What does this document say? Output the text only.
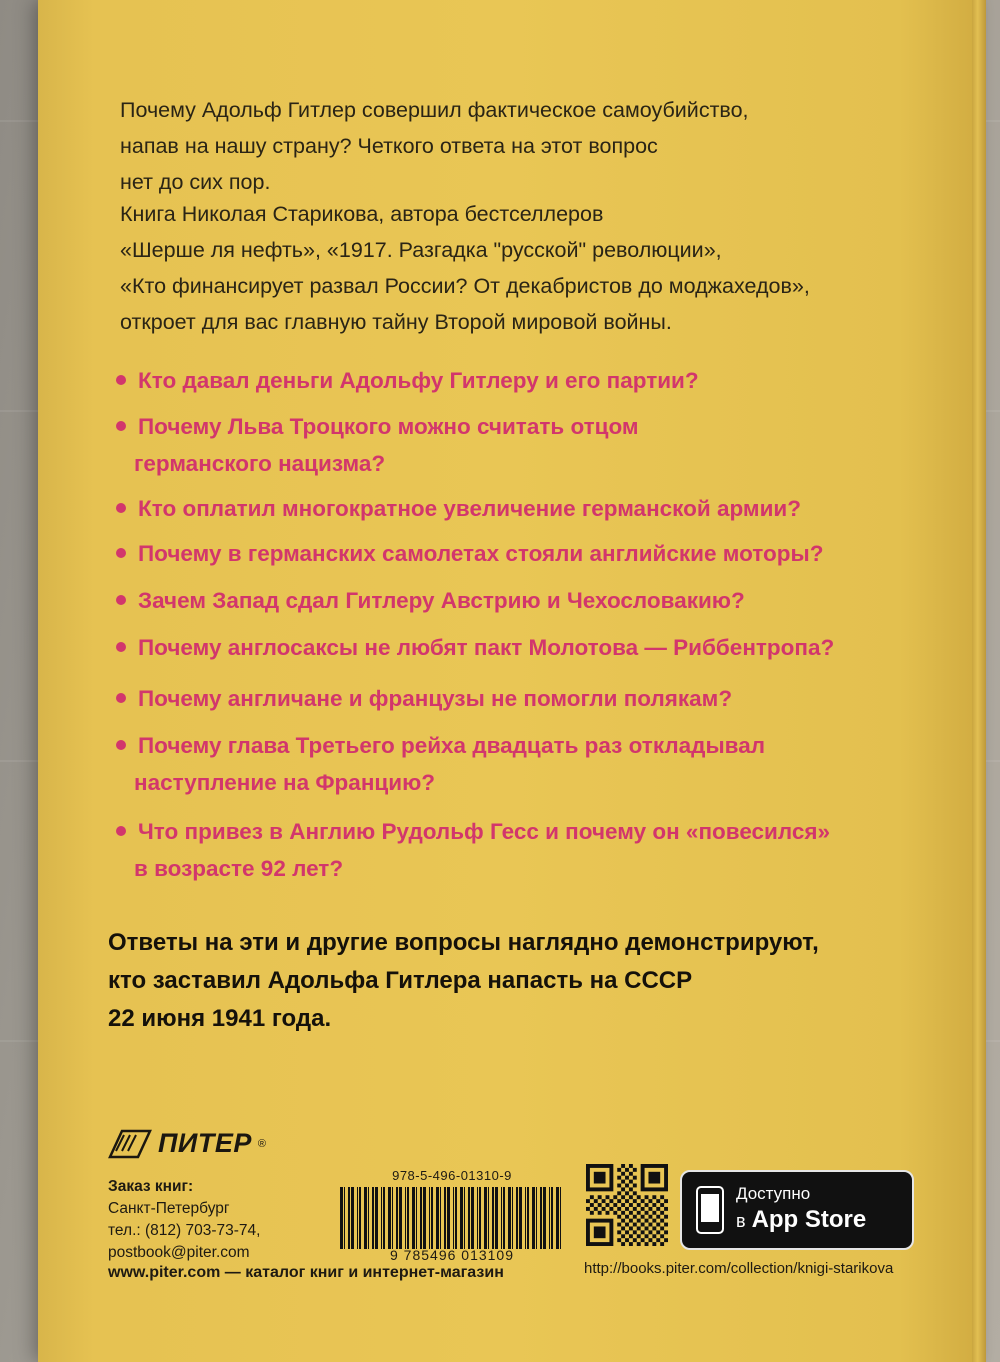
Почему Адольф Гитлер совершил фактическое самоубийство,
напав на нашу страну? Четкого ответа на этот вопрос
нет до сих пор.
Книга Николая Старикова, автора бестселлеров
«Шерше ля нефть», «1917. Разгадка "русской" революции»,
«Кто финансирует развал России? От декабристов до моджахедов»,
откроет для вас главную тайну Второй мировой войны.
Кто давал деньги Адольфу Гитлеру и его партии?
Почему Льва Троцкого можно считать отцом
германского нацизма?
Кто оплатил многократное увеличение германской армии?
Почему в германских самолетах стояли английские моторы?
Зачем Запад сдал Гитлеру Австрию и Чехословакию?
Почему англосаксы не любят пакт Молотова — Риббентропа?
Почему англичане и французы не помогли полякам?
Почему глава Третьего рейха двадцать раз откладывал
наступление на Францию?
Что привез в Англию Рудольф Гесс и почему он «повесился»
в возрасте 92 лет?
Ответы на эти и другие вопросы наглядно демонстрируют,
кто заставил Адольфа Гитлера напасть на СССР
22 июня 1941 года.
ПИТЕР ®
Заказ книг:
Санкт-Петербург
тел.: (812) 703-73-74,
postbook@piter.com
www.piter.com — каталог книг и интернет-магазин
978-5-496-01310-9
9 785496 013109
Доступно
в App Store
http://books.piter.com/collection/knigi-starikova
